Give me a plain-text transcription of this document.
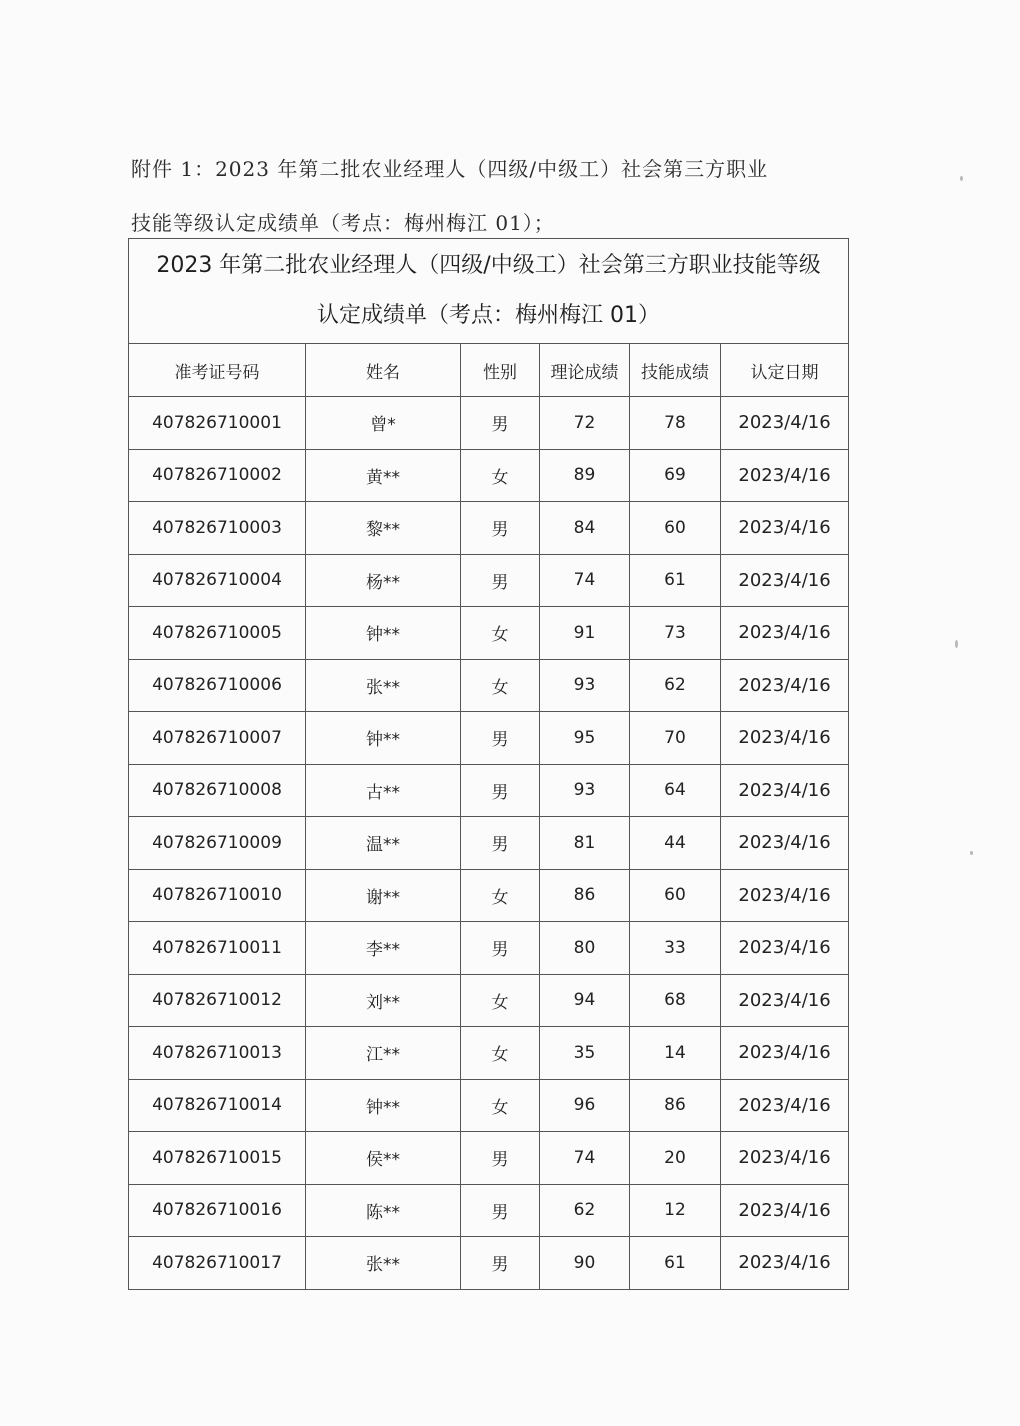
附件 1：2023 年第二批农业经理人（四级/中级工）社会第三方职业
技能等级认定成绩单（考点：梅州梅江 01）；
2023 年第二批农业经理人（四级/中级工）社会第三方职业技能等级
认定成绩单（考点：梅州梅江 01）					

准考证号码	姓名	性别	理论成绩	技能成绩	认定日期
407826710001	曾*	男	72	78	2023/4/16
407826710002	黄**	女	89	69	2023/4/16
407826710003	黎**	男	84	60	2023/4/16
407826710004	杨**	男	74	61	2023/4/16
407826710005	钟**	女	91	73	2023/4/16
407826710006	张**	女	93	62	2023/4/16
407826710007	钟**	男	95	70	2023/4/16
407826710008	古**	男	93	64	2023/4/16
407826710009	温**	男	81	44	2023/4/16
407826710010	谢**	女	86	60	2023/4/16
407826710011	李**	男	80	33	2023/4/16
407826710012	刘**	女	94	68	2023/4/16
407826710013	江**	女	35	14	2023/4/16
407826710014	钟**	女	96	86	2023/4/16
407826710015	侯**	男	74	20	2023/4/16
407826710016	陈**	男	62	12	2023/4/16
407826710017	张**	男	90	61	2023/4/16
